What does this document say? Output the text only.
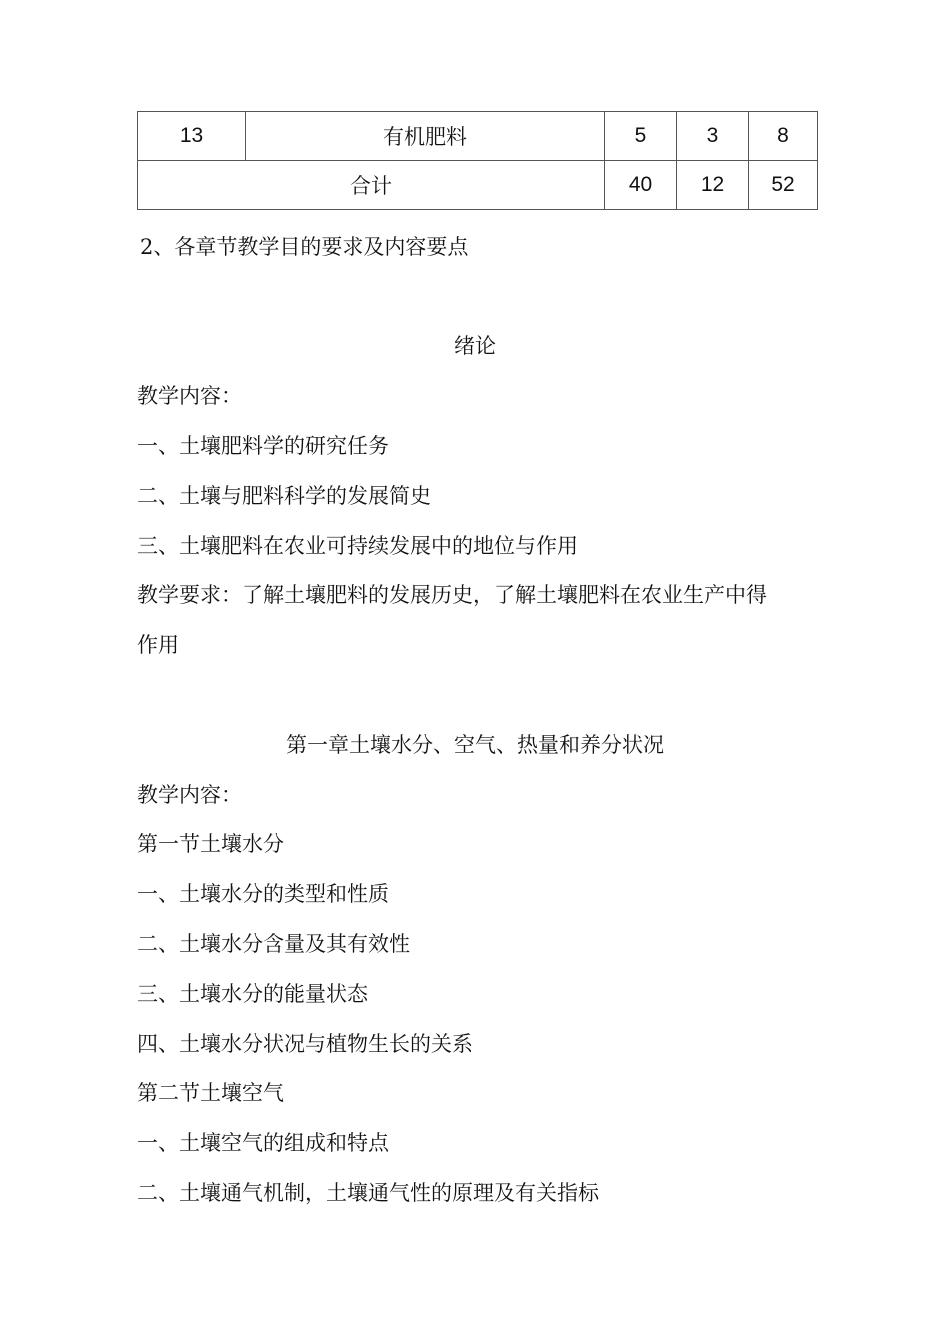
13	有机肥料	5	3	8
合计		40	12	52
2、各章节教学目的要求及内容要点
绪论
教学内容：
一、土壤肥料学的研究任务
二、土壤与肥料科学的发展简史
三、土壤肥料在农业可持续发展中的地位与作用
教学要求：了解土壤肥料的发展历史，了解土壤肥料在农业生产中得
作用
第一章土壤水分、空气、热量和养分状况
教学内容：
第一节土壤水分
一、土壤水分的类型和性质
二、土壤水分含量及其有效性
三、土壤水分的能量状态
四、土壤水分状况与植物生长的关系
第二节土壤空气
一、土壤空气的组成和特点
二、土壤通气机制，土壤通气性的原理及有关指标
